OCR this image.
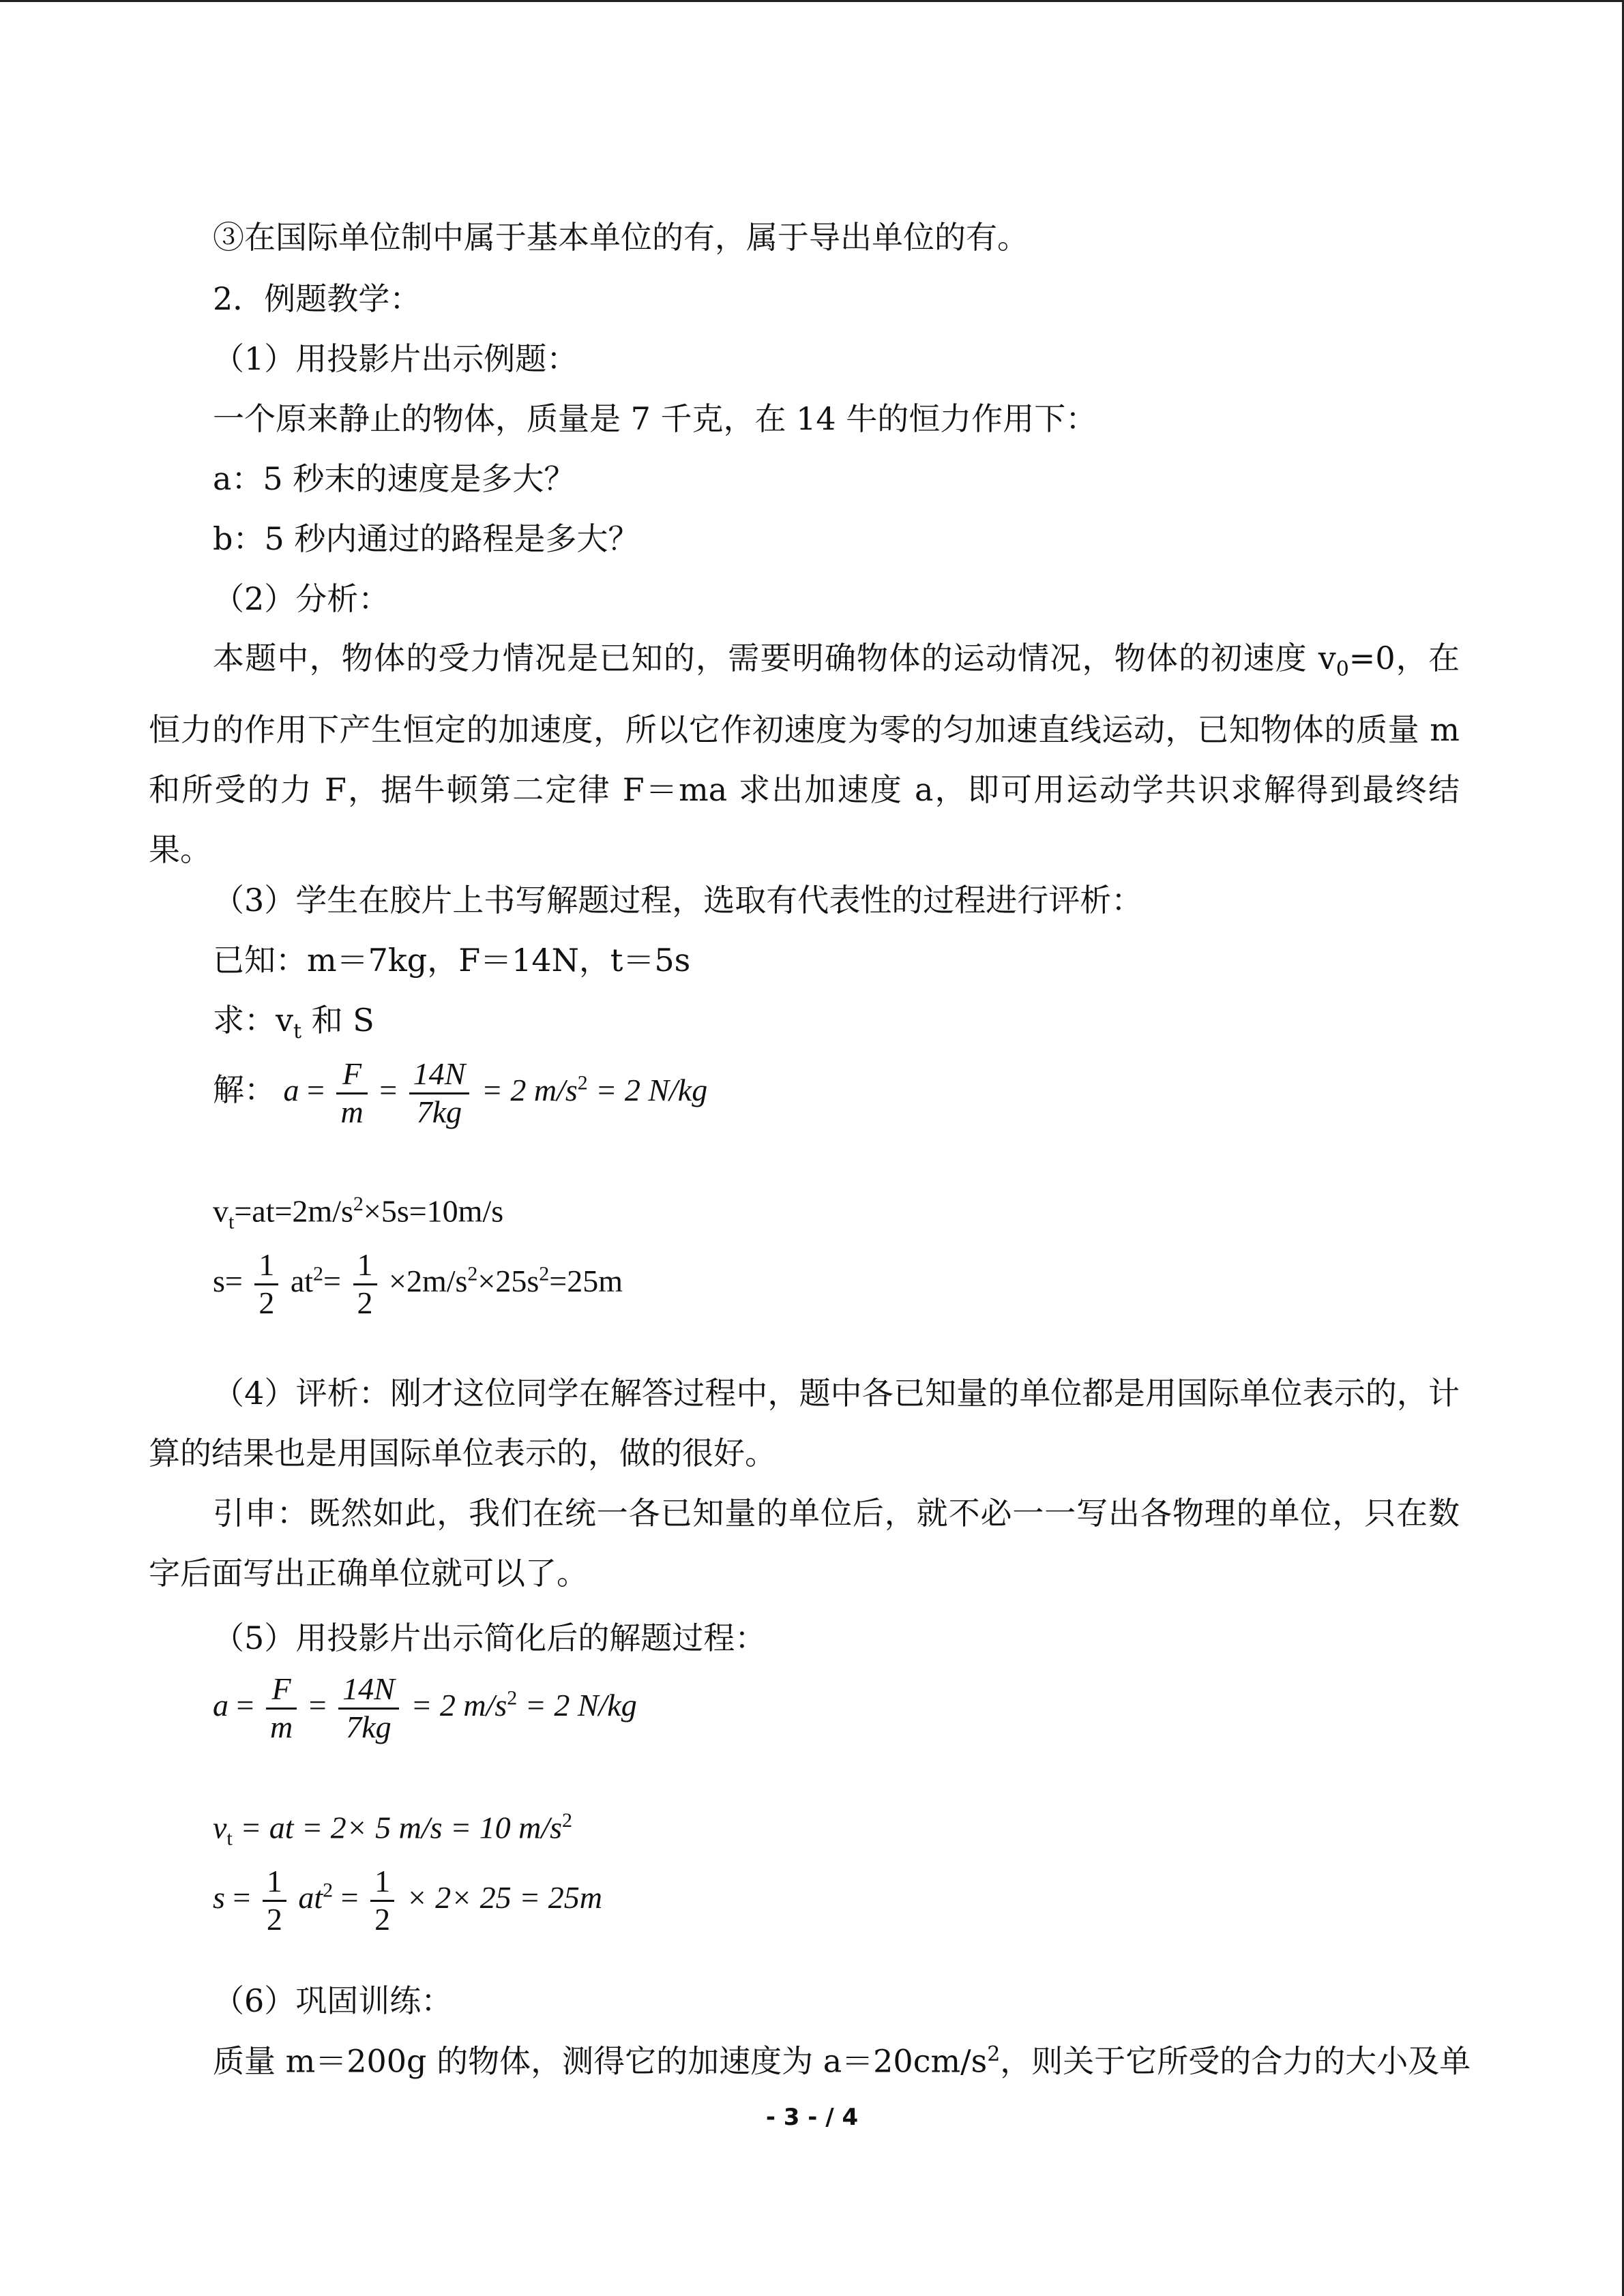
③在国际单位制中属于基本单位的有，属于导出单位的有。
2．例题教学：
（1）用投影片出示例题：
一个原来静止的物体，质量是 7 千克，在 14 牛的恒力作用下：
a：5 秒末的速度是多大？
b：5 秒内通过的路程是多大？
（2）分析：
本题中，物体的受力情况是已知的，需要明确物体的运动情况，物体的初速度 $v_0=0$，在恒力的作用下产生恒定的加速度，所以它作初速度为零的匀加速直线运动，已知物体的质量 m 和所受的力 F，据牛顿第二定律 F＝ma 求出加速度 a，即可用运动学共识求解得到最终结果。
（3）学生在胶片上书写解题过程，选取有代表性的过程进行评析：
已知：m＝7kg，F＝14N，t＝5s
求：$v_t$ 和 S
解： $a = \frac{F}{m} = \frac{14N}{7kg} = 2$ $m/s^2 = 2$ N/kg
$v_t=at=2m/s^2\times 5s=10m/s$
$s= \frac{1}{2} at^2= \frac{1}{2} \times 2m/s^2\times 25s^2=25m$
（4）评析：刚才这位同学在解答过程中，题中各已知量的单位都是用国际单位表示的，计算的结果也是用国际单位表示的，做的很好。
引申：既然如此，我们在统一各已知量的单位后，就不必一一写出各物理的单位，只在数字后面写出正确单位就可以了。
（5）用投影片出示简化后的解题过程：
$a = \frac{F}{m} = \frac{14N}{7kg} = 2$ $m/s^2 = 2$ N/kg
$v_t$ = at = 2× 5 m/s = 10 $m/s^2$
$s = \frac{1}{2} at^2 = \frac{1}{2} \times 2\times 25 = 25m$
（6）巩固训练：
质量 m＝200g 的物体，测得它的加速度为 $a=20cm/s^2$，则关于它所受的合力的大小及单
- 3 - / 4
